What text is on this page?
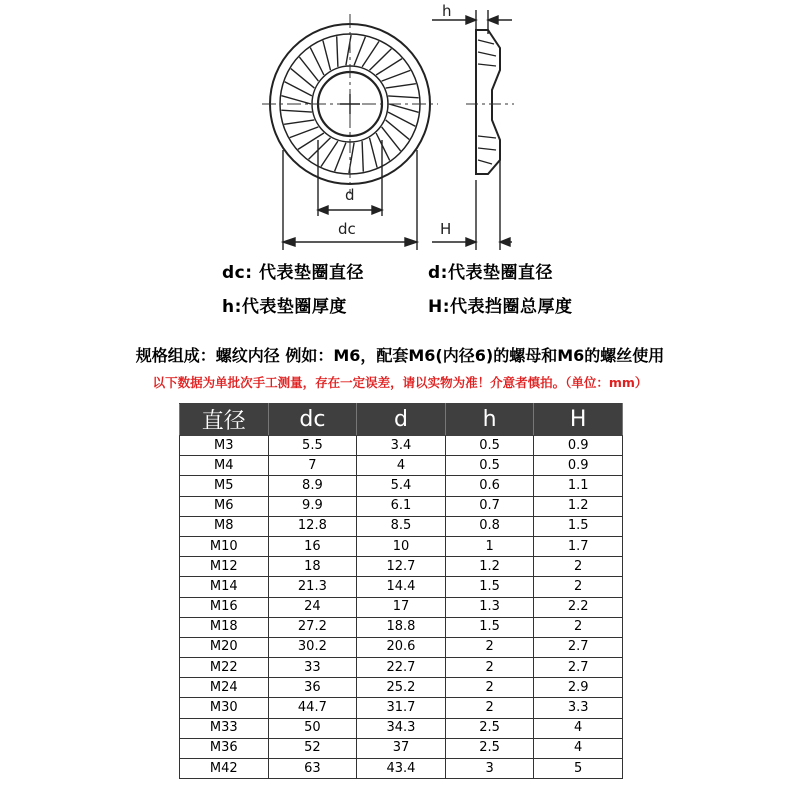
h
d
dc	H
dc: 代表垫圈直径	d:代表垫圈直径
h:代表垫圈厚度	H:代表挡圈总厚度
规格组成：螺纹内径 例如：M6，配套M6(内径6)的螺母和M6的螺丝使用
以下数据为单批次手工测量，存在一定误差，请以实物为准！介意者慎拍。（单位：mm）
直径	dc	d	h	H
M3	5.5	3.4	0.5	0.9
M4	7	4	0.5	0.9
M5	8.9	5.4	0.6	1.1
M6	9.9	6.1	0.7	1.2
M8	12.8	8.5	0.8	1.5
M10	16	10	1	1.7
M12	18	12.7	1.2	2
M14	21.3	14.4	1.5	2
M16	24	17	1.3	2.2
M18	27.2	18.8	1.5	2
M20	30.2	20.6	2	2.7
M22	33	22.7	2	2.7
M24	36	25.2	2	2.9
M30	44.7	31.7	2	3.3
M33	50	34.3	2.5	4
M36	52	37	2.5	4
M42	63	43.4	3	5
